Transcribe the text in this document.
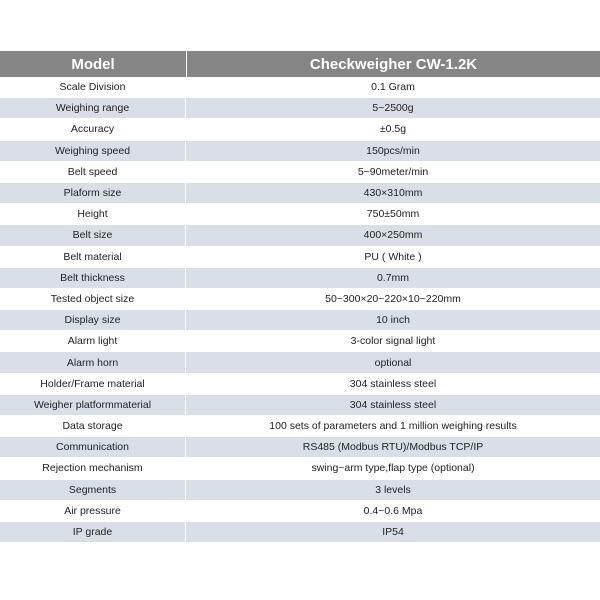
Model	Checkweigher CW-1.2K
Scale Division	0.1 Gram
Weighing range	5~2500g
Accuracy	±0.5g
Weighing speed	150pcs/min
Belt speed	5~90meter/min
Plaform size	430×310mm
Height	750±50mm
Belt size	400×250mm
Belt material	PU ( White )
Belt thickness	0.7mm
Tested object size	50~300×20~220×10~220mm
Display size	10 inch
Alarm light	3-color signal light
Alarm horn	optional
Holder/Frame material	304 stainless steel
Weigher platformmaterial	304 stainless steel
Data storage	100 sets of parameters and 1 million weighing results
Communication	RS485 (Modbus RTU)/Modbus TCP/IP
Rejection mechanism	swing~arm type,flap type (optional)
Segments	3 levels
Air pressure	0.4~0.6 Mpa
IP grade	IP54
